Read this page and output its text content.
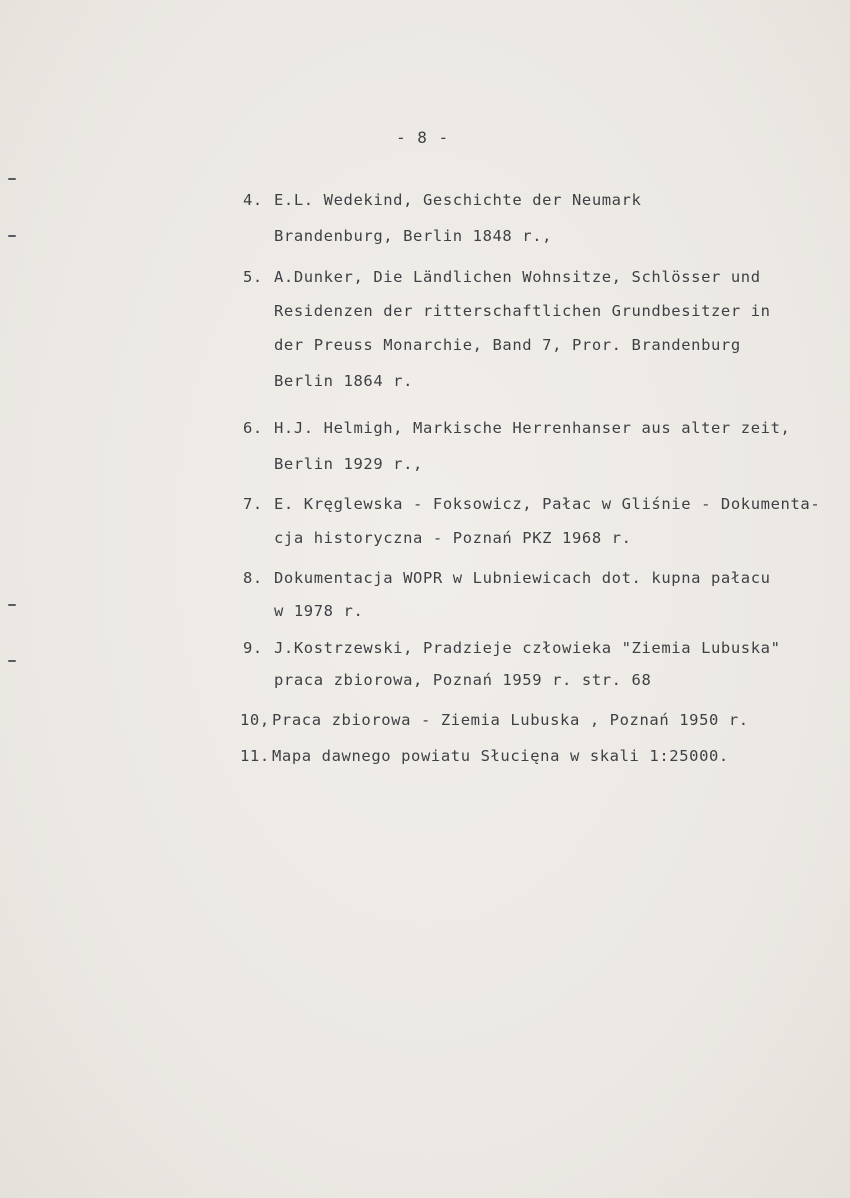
- 8 -
4. E.L. Wedekind, Geschichte der Neumark
Brandenburg, Berlin 1848 r.,
5. A.Dunker, Die Ländlichen Wohnsitze, Schlösser und
Residenzen der ritterschaftlichen Grundbesitzer in
der Preuss Monarchie, Band 7, Pror. Brandenburg
Berlin 1864 r.
6. H.J. Helmigh, Markische Herrenhanser aus alter zeit,
Berlin 1929 r.,
7. E. Kręglewska - Foksowicz, Pałac w Gliśnie - Dokumenta-
cja historyczna - Poznań PKZ 1968 r.
8. Dokumentacja WOPR w Lubniewicach dot. kupna pałacu
w 1978 r.
9. J.Kostrzewski, Pradzieje człowieka "Ziemia Lubuska"
praca zbiorowa, Poznań 1959 r. str. 68
10, Praca zbiorowa - Ziemia Lubuska , Poznań 1950 r.
11. Mapa dawnego powiatu Słucięna w skali 1:25000.
